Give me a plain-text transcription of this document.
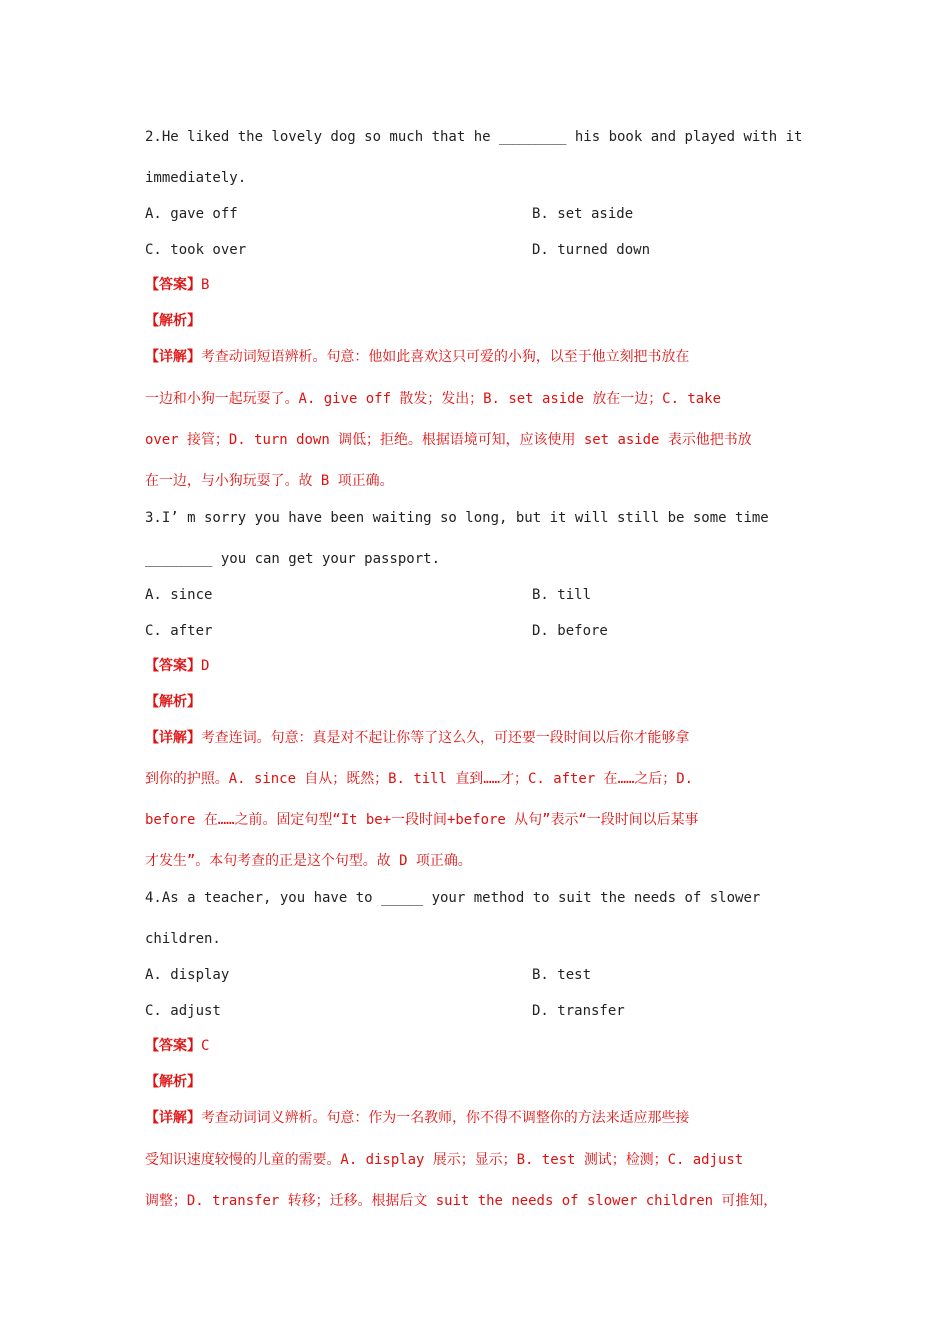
2.He liked the lovely dog so much that he ________ his book and played with it
immediately.
A. gave off	B. set aside
C. took over	D. turned down
【答案】B
【解析】
【详解】考查动词短语辨析。句意：他如此喜欢这只可爱的小狗，以至于他立刻把书放在
一边和小狗一起玩耍了。A. give off 散发；发出；B. set aside 放在一边；C. take
over 接管；D. turn down 调低；拒绝。根据语境可知，应该使用 set aside 表示他把书放
在一边，与小狗玩耍了。故 B 项正确。
3.I’ m sorry you have been waiting so long, but it will still be some time
________ you can get your passport.
A. since	B. till
C. after	D. before
【答案】D
【解析】
【详解】考查连词。句意：真是对不起让你等了这么久，可还要一段时间以后你才能够拿
到你的护照。A. since 自从；既然；B. till 直到……才；C. after 在……之后；D.
before 在……之前。固定句型“It be+一段时间+before 从句”表示“一段时间以后某事
才发生”。本句考查的正是这个句型。故 D 项正确。
4.As a teacher, you have to _____ your method to suit the needs of slower
children.
A. display	B. test
C. adjust	D. transfer
【答案】C
【解析】
【详解】考查动词词义辨析。句意：作为一名教师，你不得不调整你的方法来适应那些接
受知识速度较慢的儿童的需要。A. display 展示；显示；B. test 测试；检测；C. adjust
调整；D. transfer 转移；迁移。根据后文 suit the needs of slower children 可推知，
